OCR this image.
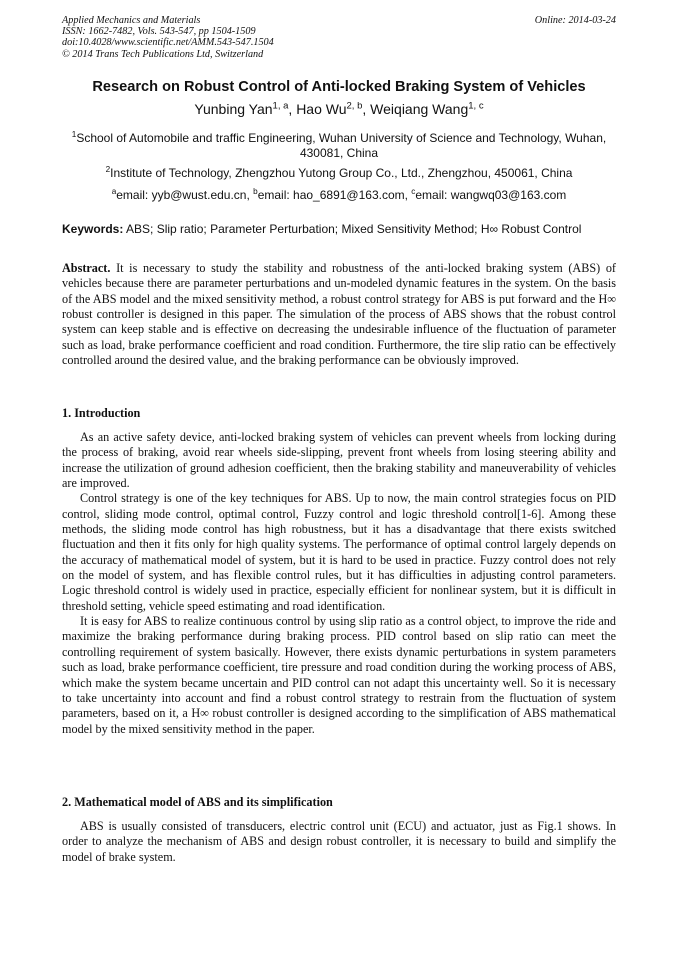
Applied Mechanics and Materials
ISSN: 1662-7482, Vols. 543-547, pp 1504-1509
doi:10.4028/www.scientific.net/AMM.543-547.1504
© 2014 Trans Tech Publications Ltd, Switzerland
Online: 2014-03-24
Research on Robust Control of Anti-locked Braking System of Vehicles
Yunbing Yan$^{1, a}$, Hao Wu$^{2, b}$, Weiqiang Wang$^{1, c}$
$^1$School of Automobile and traffic Engineering, Wuhan University of Science and Technology, Wuhan, 430081, China
$^2$Institute of Technology, Zhengzhou Yutong Group Co., Ltd., Zhengzhou, 450061, China
$^a$email: yyb@wust.edu.cn, $^b$email: hao_6891@163.com, $^c$email: wangwq03@163.com
Keywords: ABS; Slip ratio; Parameter Perturbation; Mixed Sensitivity Method; H∞ Robust Control

Abstract. It is necessary to study the stability and robustness of the anti-locked braking system (ABS) of vehicles because there are parameter perturbations and un-modeled dynamic features in the system. On the basis of the ABS model and the mixed sensitivity method, a robust control strategy for ABS is put forward and the H∞ robust controller is designed in this paper. The simulation of the process of ABS shows that the robust control system can keep stable and is effective on decreasing the undesirable influence of the fluctuation of parameter such as load, brake performance coefficient and road condition. Furthermore, the tire slip ratio can be effectively controlled around the desired value, and the braking performance can be obviously improved.

1. Introduction

As an active safety device, anti-locked braking system of vehicles can prevent wheels from locking during the process of braking, avoid rear wheels side-slipping, prevent front wheels from losing steering ability and increase the utilization of ground adhesion coefficient, then the braking stability and maneuverability of vehicles are improved.

Control strategy is one of the key techniques for ABS. Up to now, the main control strategies focus on PID control, sliding mode control, optimal control, Fuzzy control and logic threshold control[1-6]. Among these methods, the sliding mode control has high robustness, but it has a disadvantage that there exists switched fluctuation and then it fits only for high quality systems. The performance of optimal control largely depends on the accuracy of mathematical model of system, but it is hard to be used in practice. Fuzzy control does not rely on the model of system, and has flexible control rules, but it has difficulties in adjusting control parameters. Logic threshold control is widely used in practice, especially efficient for nonlinear system, but it is difficult in threshold setting, vehicle speed estimating and road identification.

It is easy for ABS to realize continuous control by using slip ratio as a control object, to improve the ride and maximize the braking performance during braking process. PID control based on slip ratio can meet the controlling requirement of system basically. However, there exists dynamic perturbations in system parameters such as load, brake performance coefficient, tire pressure and road condition during the working process of ABS, which make the system became uncertain and PID control can not adapt this uncertainty well. So it is necessary to take uncertainty into account and find a robust control strategy to restrain from the fluctuation of system parameters, based on it, a H∞ robust controller is designed according to the simplification of ABS mathematical model by the mixed sensitivity method in the paper.

2. Mathematical model of ABS and its simplification

ABS is usually consisted of transducers, electric control unit (ECU) and actuator, just as Fig.1 shows. In order to analyze the mechanism of ABS and design robust controller, it is necessary to build and simplify the model of brake system.
